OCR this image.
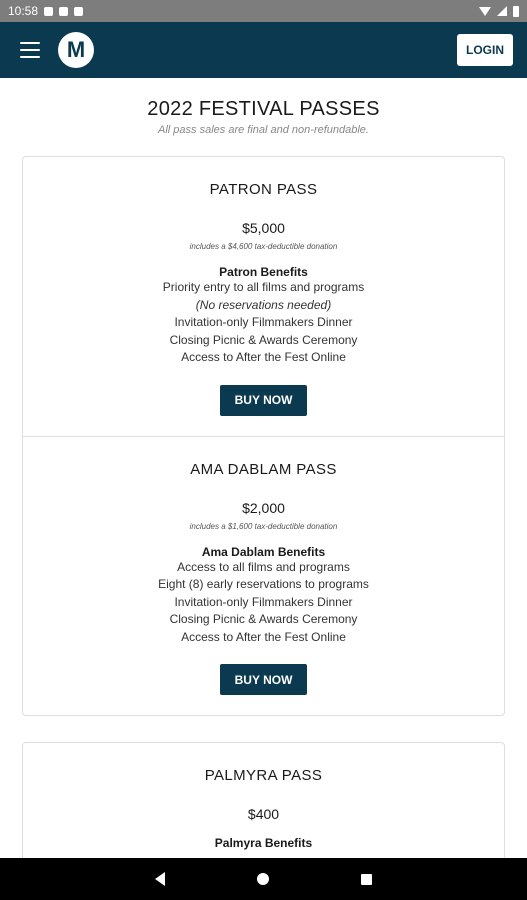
10:58
M	LOGIN
2022 FESTIVAL PASSES
All pass sales are final and non-refundable.
PATRON PASS
$5,000
includes a $4,600 tax-deductible donation
Patron Benefits
Priority entry to all films and programs
(No reservations needed)
Invitation-only Filmmakers Dinner
Closing Picnic & Awards Ceremony
Access to After the Fest Online
BUY NOW
AMA DABLAM PASS
$2,000
includes a $1,600 tax-deductible donation
Ama Dablam Benefits
Access to all films and programs
Eight (8) early reservations to programs
Invitation-only Filmmakers Dinner
Closing Picnic & Awards Ceremony
Access to After the Fest Online
BUY NOW
PALMYRA PASS
$400
Palmyra Benefits
